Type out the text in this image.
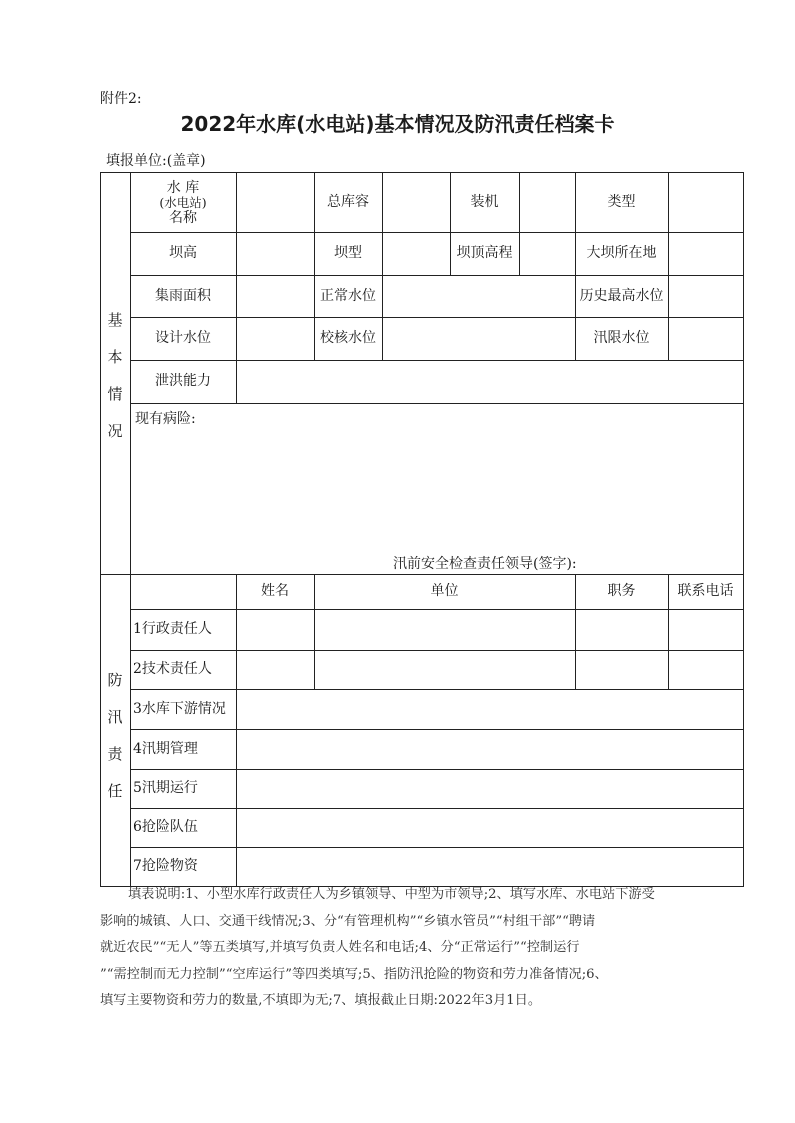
附件2:
2022年水库(水电站)基本情况及防汛责任档案卡
填报单位:(盖章)
基
本
情
况
防
汛
责
任
水 库
(水电站)
名称
总库容	装机	类型
坝高	坝型	坝顶高程	大坝所在地
集雨面积	正常水位	历史最高水位
设计水位	校核水位	汛限水位
泄洪能力
现有病险:
汛前安全检查责任领导(签字):
姓名	单位	职务	联系电话
1行政责任人
2技术责任人
3水库下游情况
4汛期管理
5汛期运行
6抢险队伍
7抢险物资
填表说明:1、小型水库行政责任人为乡镇领导、中型为市领导;2、填写水库、水电站下游受
影响的城镇、人口、交通干线情况;3、分“有管理机构”“乡镇水管员”“村组干部”“聘请
就近农民”“无人”等五类填写,并填写负责人姓名和电话;4、分“正常运行”“控制运行
”“需控制而无力控制”“空库运行”等四类填写;5、指防汛抢险的物资和劳力准备情况;6、
填写主要物资和劳力的数量,不填即为无;7、填报截止日期:2022年3月1日。
